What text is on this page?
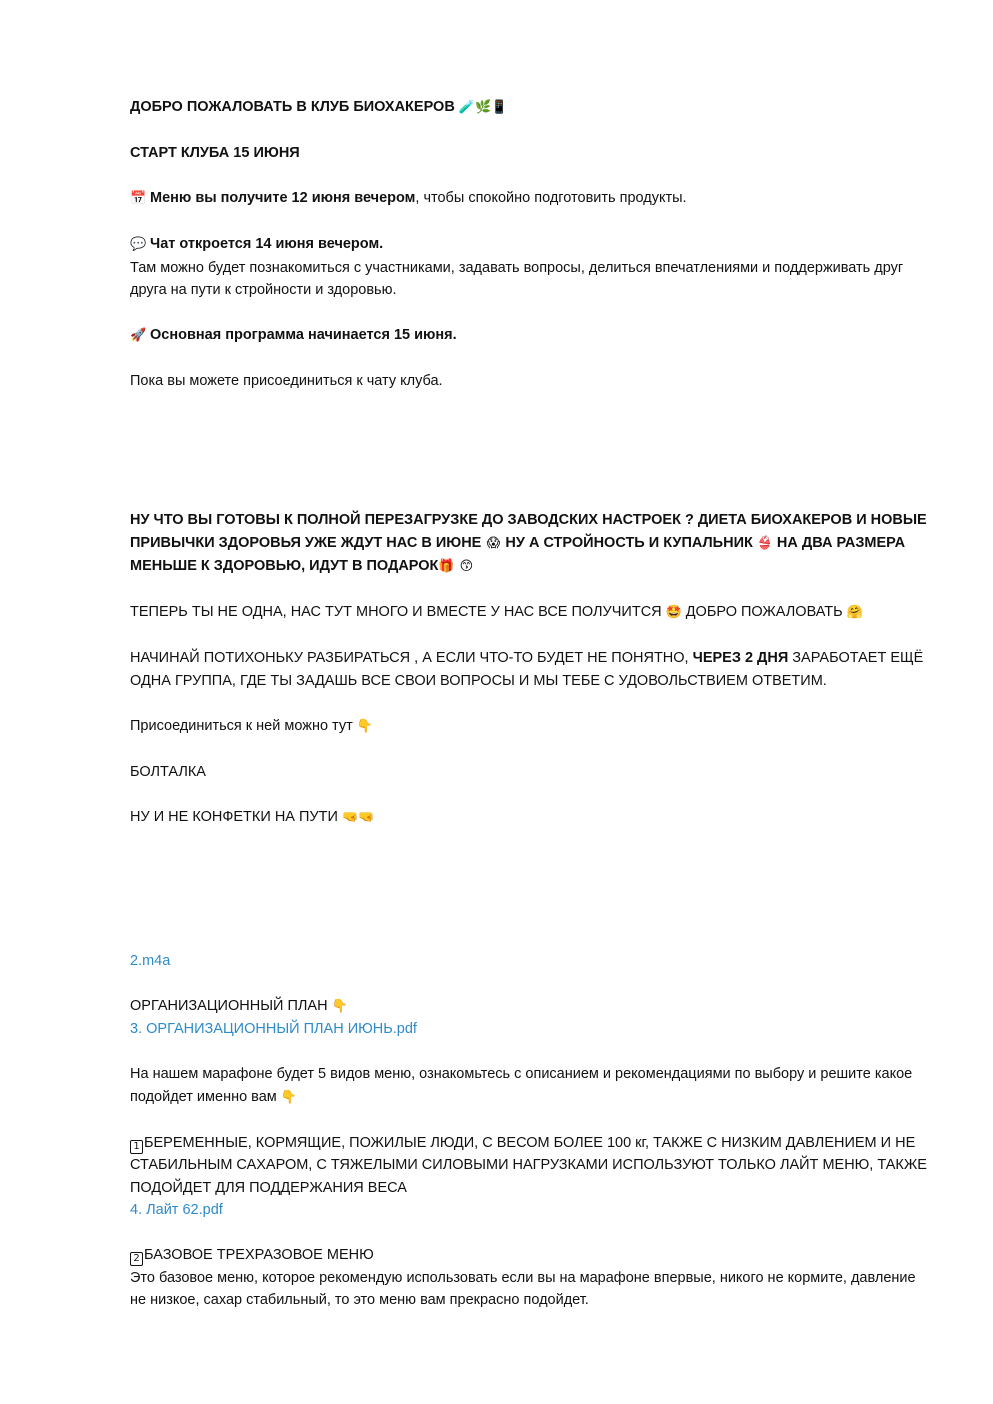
ДОБРО ПОЖАЛОВАТЬ В КЛУБ БИОХАКЕРОВ 🧪🌿📱

СТАРТ КЛУБА 15 ИЮНЯ

📅 Меню вы получите 12 июня вечером, чтобы спокойно подготовить продукты.

💬 Чат откроется 14 июня вечером.

Там можно будет познакомиться с участниками, задавать вопросы, делиться впечатлениями и поддерживать друг друга на пути к стройности и здоровью.

🚀 Основная программа начинается 15 июня.

Пока вы можете присоединиться к чату клуба.

НУ ЧТО ВЫ ГОТОВЫ К ПОЛНОЙ ПЕРЕЗАГРУЗКЕ ДО ЗАВОДСКИХ НАСТРОЕК ? ДИЕТА БИОХАКЕРОВ И НОВЫЕ ПРИВЫЧКИ ЗДОРОВЬЯ УЖЕ ЖДУТ НАС В ИЮНЕ 😱 НУ А СТРОЙНОСТЬ И КУПАЛЬНИК 👙 НА ДВА РАЗМЕРА МЕНЬШЕ К ЗДОРОВЬЮ, ИДУТ В ПОДАРОК🎁 😙

ТЕПЕРЬ ТЫ НЕ ОДНА, НАС ТУТ МНОГО И ВМЕСТЕ У НАС ВСЕ ПОЛУЧИТСЯ 🤩 ДОБРО ПОЖАЛОВАТЬ 🤗

НАЧИНАЙ ПОТИХОНЬКУ РАЗБИРАТЬСЯ , А ЕСЛИ ЧТО-ТО БУДЕТ НЕ ПОНЯТНО, ЧЕРЕЗ 2 ДНЯ ЗАРАБОТАЕТ ЕЩЁ ОДНА ГРУППА, ГДЕ ТЫ ЗАДАШЬ ВСЕ СВОИ ВОПРОСЫ И МЫ ТЕБЕ С УДОВОЛЬСТВИЕМ ОТВЕТИМ.

Присоединиться к ней можно тут 👇

БОЛТАЛКА

НУ И НЕ КОНФЕТКИ НА ПУТИ 🤜🤜

2.m4a

ОРГАНИЗАЦИОННЫЙ ПЛАН 👇

3. ОРГАНИЗАЦИОННЫЙ ПЛАН ИЮНЬ.pdf

На нашем марафоне будет 5 видов меню, ознакомьтесь с описанием и рекомендациями по выбору и решите какое подойдет именно вам 👇

1 БЕРЕМЕННЫЕ, КОРМЯЩИЕ, ПОЖИЛЫЕ ЛЮДИ, С ВЕСОМ БОЛЕЕ 100 кг, ТАКЖЕ С НИЗКИМ ДАВЛЕНИЕМ И НЕ СТАБИЛЬНЫМ САХАРОМ, С ТЯЖЕЛЫМИ СИЛОВЫМИ НАГРУЗКАМИ ИСПОЛЬЗУЮТ ТОЛЬКО ЛАЙТ МЕНЮ, ТАКЖЕ ПОДОЙДЕТ ДЛЯ ПОДДЕРЖАНИЯ ВЕСА

4. Лайт 62.pdf

2 БАЗОВОЕ ТРЕХРАЗОВОЕ МЕНЮ

Это базовое меню, которое рекомендую использовать если вы на марафоне впервые, никого не кормите, давление не низкое, сахар стабильный, то это меню вам прекрасно подойдет.
